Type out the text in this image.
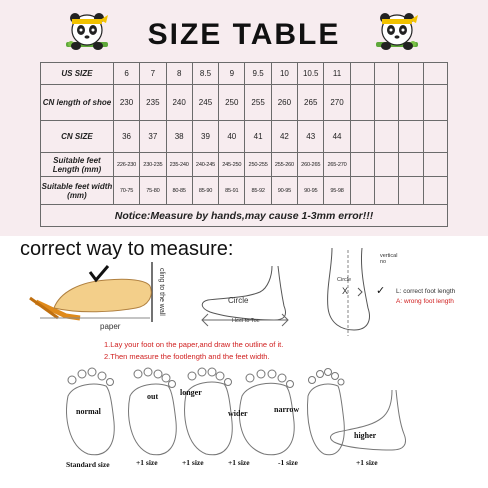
SIZE TABLE
US SIZE	6	7	8	8.5	9	9.5	10	10.5	11				
CN length of shoe	230	235	240	245	250	255	260	265	270				
CN SIZE	36	37	38	39	40	41	42	43	44				
Suitable feet Length (mm)	226-230	230-235	235-240	240-245	245-250	250-255	255-260	260-265	265-270				
Suitable feet width (mm)	70-75	75-80	80-85	85-90	85-91	85-92	90-95	90-95	95-98				
Notice:Measure by hands,may cause 1-3mm error!!!													
correct way to measure:
paper
cling to the wall	Circle
Heel to Toe
Circle
X
vertical no
✓ L: correct foot length
A: wrong foot length
1.Lay your foot on the paper,and draw the outline of it.
2.Then measure the footlength and the feet width.
normal
out	longer
wider	narrow
higher
Standard size	+1 size	+1 size	+1 size	-1 size	+1 size
